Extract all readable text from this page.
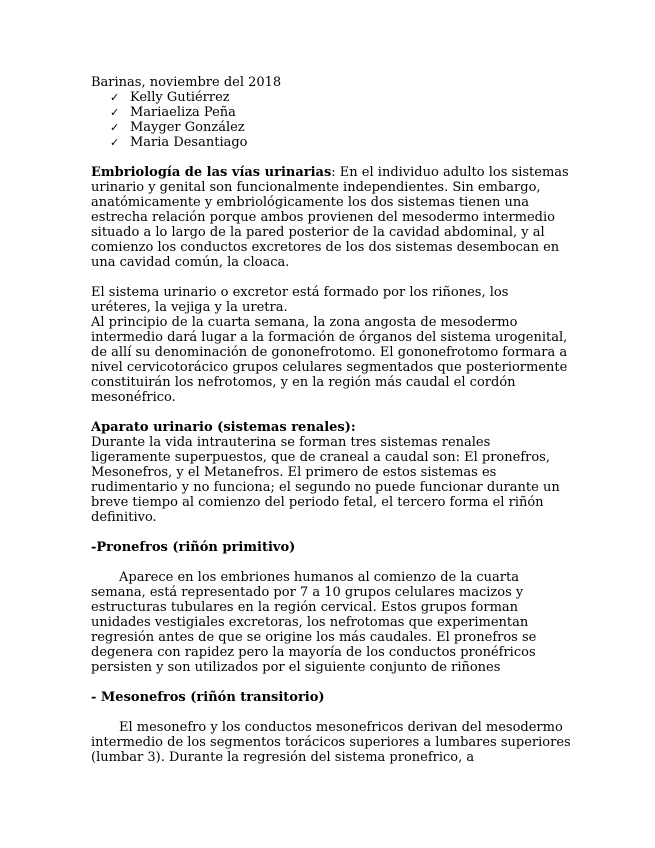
Barinas, noviembre del 2018

✓ Kelly Gutiérrez
✓ Mariaeliza Peña
✓ Mayger González
✓ Maria Desantiago

Embriología de las vías urinarias: En el individuo adulto los sistemas urinario y genital son funcionalmente independientes. Sin embargo, anatómicamente y embriológicamente los dos sistemas tienen una estrecha relación porque ambos provienen del mesodermo intermedio situado a lo largo de la pared posterior de la cavidad abdominal, y al comienzo los conductos excretores de los dos sistemas desembocan en una cavidad común, la cloaca.

El sistema urinario o excretor está formado por los riñones, los uréteres, la vejiga y la uretra.

Al principio de la cuarta semana, la zona angosta de mesodermo intermedio dará lugar a la formación de órganos del sistema urogenital, de allí su denominación de gononefrotomo. El gononefrotomo formara a nivel cervicotorácico grupos celulares segmentados que posteriormente constituirán los nefrotomos, y en la región más caudal el cordón mesonéfrico.

Aparato urinario (sistemas renales):

Durante la vida intrauterina se forman tres sistemas renales ligeramente superpuestos, que de craneal a caudal son: El pronefros, Mesonefros, y el Metanefros. El primero de estos sistemas es rudimentario y no funciona; el segundo no puede funcionar durante un breve tiempo al comienzo del periodo fetal, el tercero forma el riñón definitivo.

-Pronefros (riñón primitivo)

Aparece en los embriones humanos al comienzo de la cuarta semana, está representado por 7 a 10 grupos celulares macizos y estructuras tubulares en la región cervical. Estos grupos forman unidades vestigiales excretoras, los nefrotomas que experimentan regresión antes de que se origine los más caudales. El pronefros se degenera con rapidez pero la mayoría de los conductos pronéfricos persisten y son utilizados por el siguiente conjunto de riñones

- Mesonefros (riñón transitorio)

El mesonefro y los conductos mesonefricos derivan del mesodermo intermedio de los segmentos torácicos superiores a lumbares superiores (lumbar 3). Durante la regresión del sistema pronefrico, a
